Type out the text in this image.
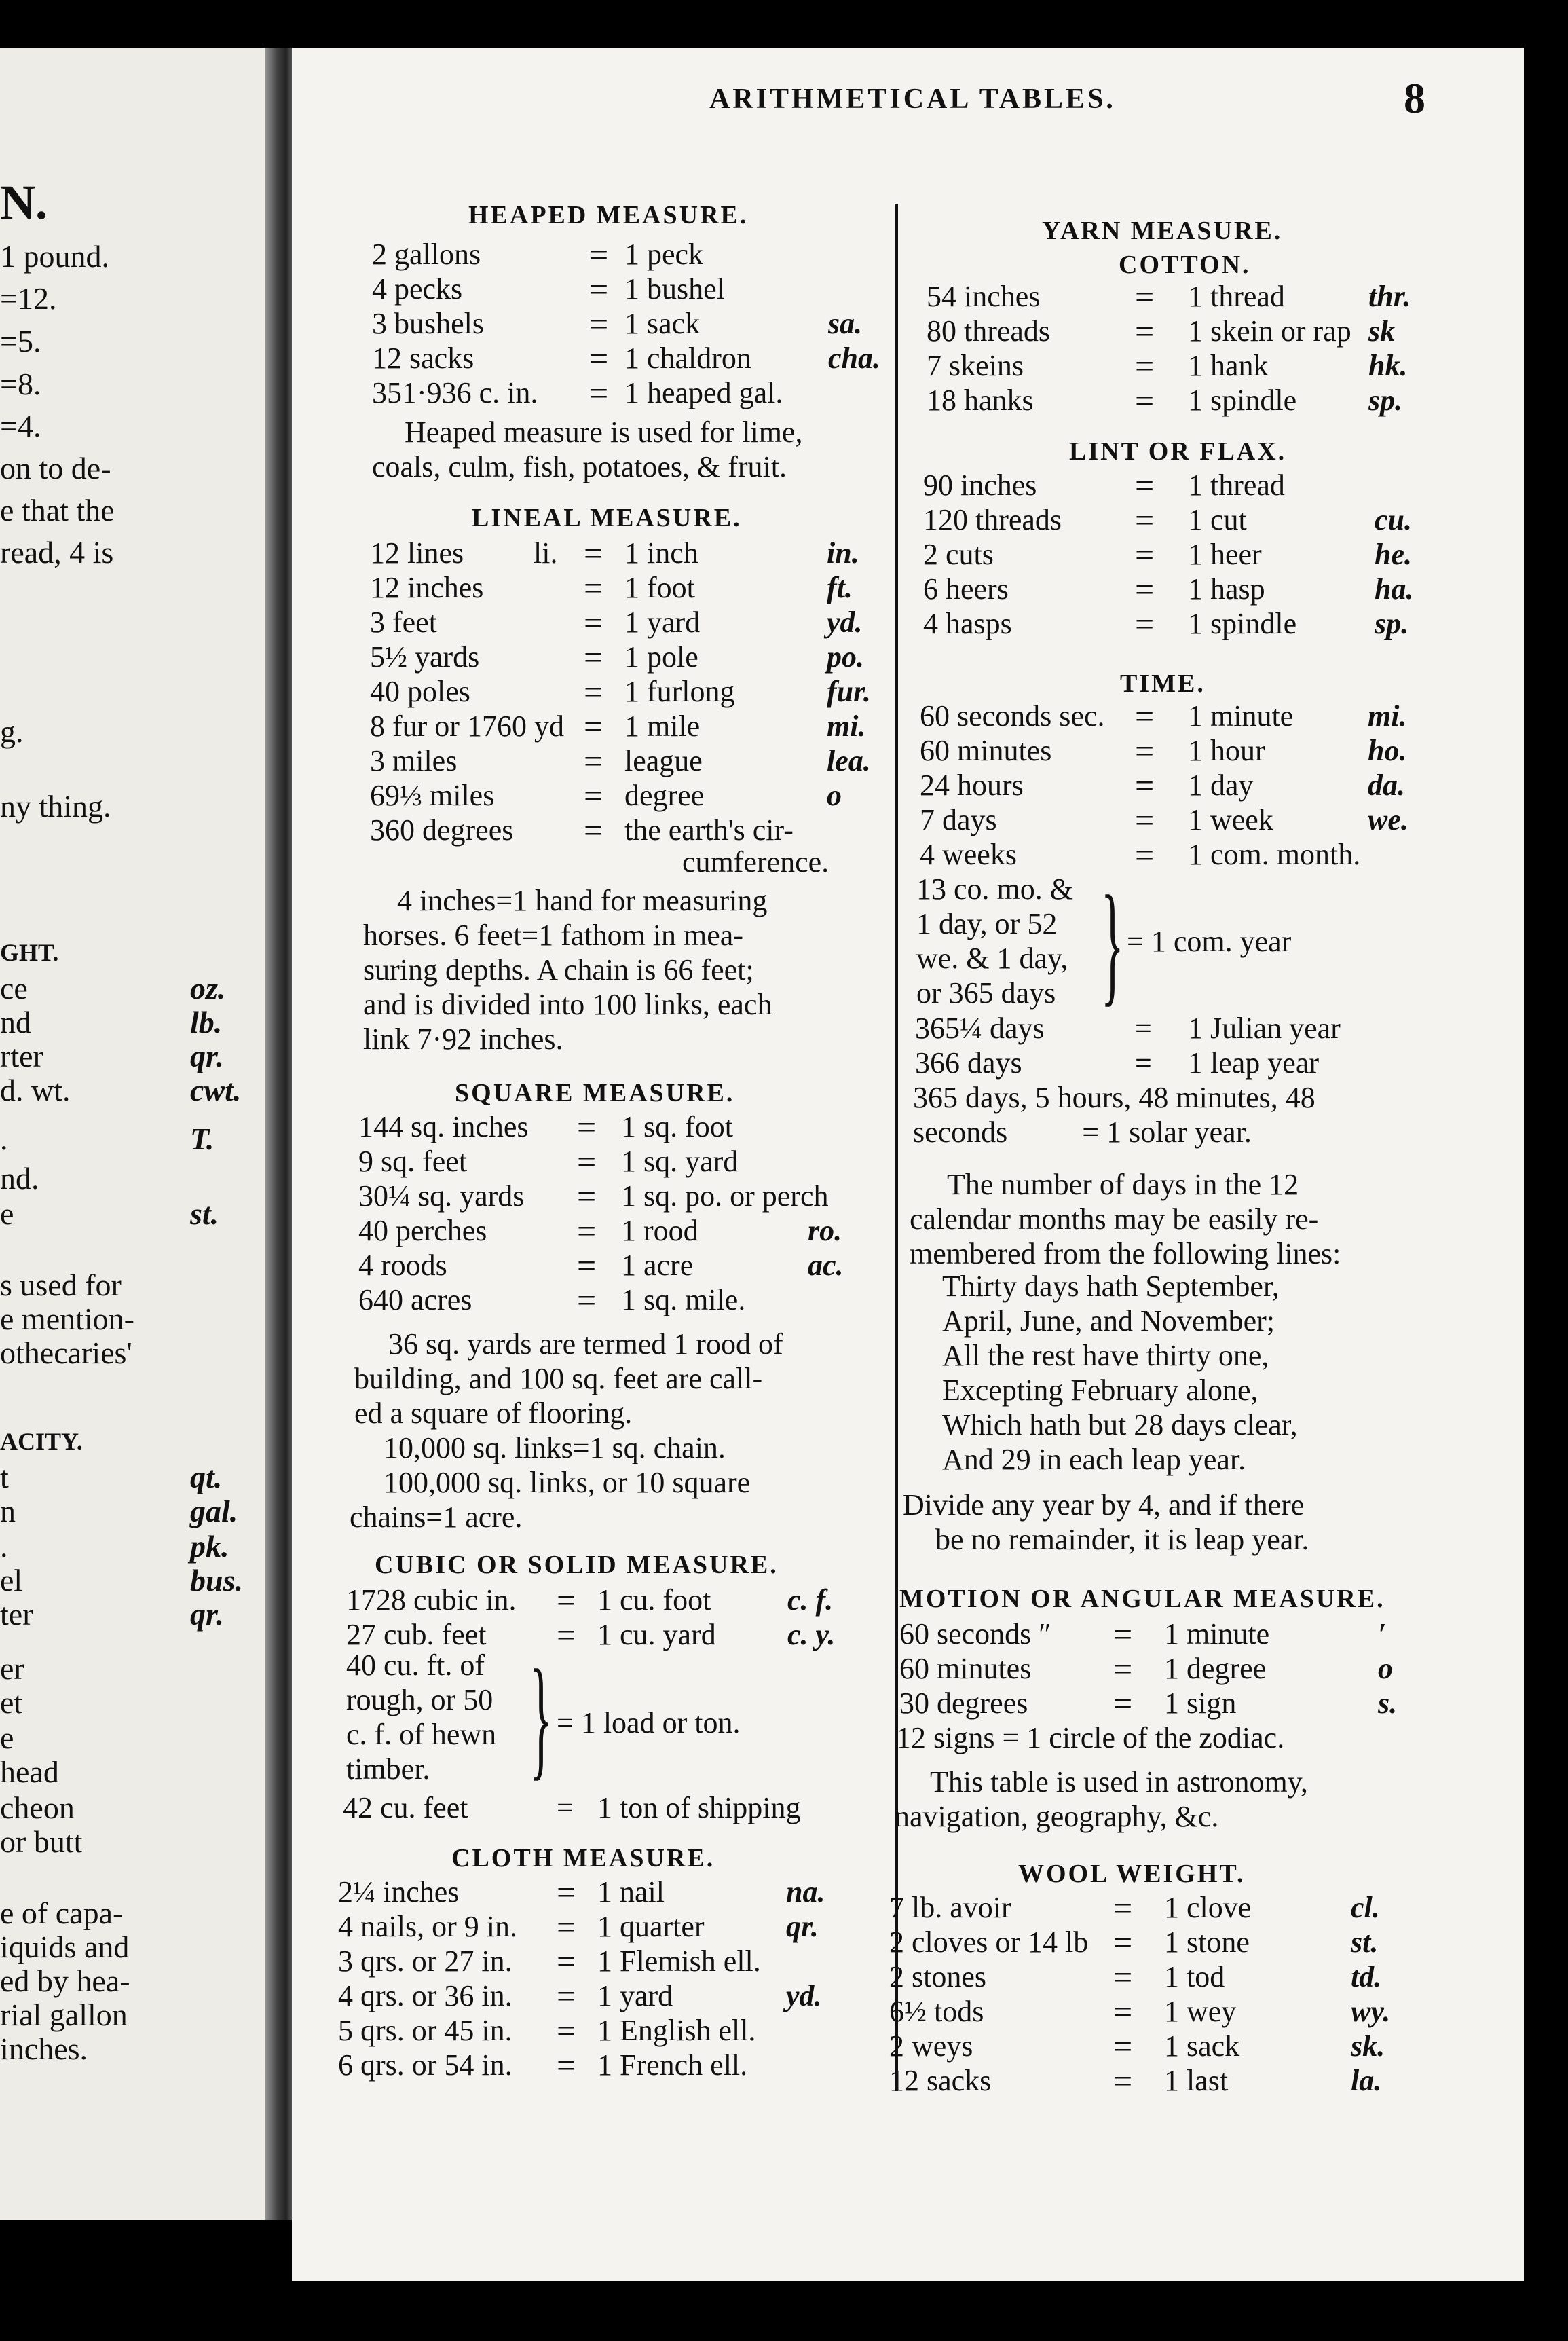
N.
1 pound.
=12.
=5.
=8.
=4.
on to de-
e that the
read, 4 is
g.
ny thing.
GHT.
ce	oz.
nd	lb.
rter	qr.
d. wt.	cwt.
.	T.
nd.
e	st.
s used for
e mention-
othecaries'
ACITY.
t	qt.
n	gal.
.	pk.
el	bus.
ter	qr.
er
et
e
head
cheon
or butt
e of capa-
iquids and
ed by hea-
rial gallon
inches.
ARITHMETICAL TABLES.	8
HEAPED MEASURE.
2 gallons	= 1 peck
4 pecks	= 1 bushel
3 bushels	= 1 sack	sa.
12 sacks	= 1 chaldron	cha.
351·936 c. in. = 1 heaped gal.
Heaped measure is used for lime,
coals, culm, fish, potatoes, & fruit.
LINEAL MEASURE.
12 lines li. = 1 inch	in.
12 inches	= 1 foot	ft.
3 feet	= 1 yard	yd.
5½ yards	= 1 pole	po.
40 poles	= 1 furlong	fur.
8 fur or 1760 yd = 1 mile	mi.
3 miles	= league	lea.
69⅓ miles	= degree	o
360 degrees = the earth's cir-
cumference.
4 inches=1 hand for measuring
horses. 6 feet=1 fathom in mea-
suring depths. A chain is 66 feet;
and is divided into 100 links, each
link 7·92 inches.
SQUARE MEASURE.
144 sq. inches = 1 sq. foot
9 sq. feet	= 1 sq. yard
30¼ sq. yards = 1 sq. po. or perch
40 perches	= 1 rood	ro.
4 roods	= 1 acre	ac.
640 acres	= 1 sq. mile.
36 sq. yards are termed 1 rood of
building, and 100 sq. feet are call-
ed a square of flooring.
10,000 sq. links=1 sq. chain.
100,000 sq. links, or 10 square
chains=1 acre.
CUBIC OR SOLID MEASURE.
1728 cubic in. = 1 cu. foot	c. f.
27 cub. feet = 1 cu. yard c. y.
40 cu. ft. of
rough, or 50
c. f. of hewn
timber. } = 1 load or ton.
42 cu. feet	= 1 ton of shipping
CLOTH MEASURE.
2¼ inches	= 1 nail	na.
4 nails, or 9 in. = 1 quarter	qr.
3 qrs. or 27 in. = 1 Flemish ell.
4 qrs. or 36 in. = 1 yard	yd.
5 qrs. or 45 in. = 1 English ell.
6 qrs. or 54 in. = 1 French ell.
YARN MEASURE.
COTTON.
54 inches	= 1 thread	thr.
80 threads = 1 skein or rap sk
7 skeins	= 1 hank	hk.
18 hanks	= 1 spindle sp.
LINT OR FLAX.
90 inches	= 1 thread
120 threads = 1 cut	cu.
2 cuts	= 1 heer	he.
6 heers	= 1 hasp	ha.
4 hasps	= 1 spindle	sp.
TIME.
60 seconds sec. = 1 minute mi.
60 minutes = 1 hour	ho.
24 hours	= 1 day	da.
7 days	= 1 week	we.
4 weeks	= 1 com. month.
13 co. mo. &
1 day, or 52
we. & 1 day,
or 365 days } = 1 com. year
365¼ days	= 1 Julian year
366 days	= 1 leap year
365 days, 5 hours, 48 minutes, 48
seconds          = 1 solar year.
The number of days in the 12
calendar months may be easily re-
membered from the following lines:
Thirty days hath September,
April, June, and November;
All the rest have thirty one,
Excepting February alone,
Which hath but 28 days clear,
And 29 in each leap year.
Divide any year by 4, and if there
be no remainder, it is leap year.
MOTION OR ANGULAR MEASURE.
60 seconds ″ = 1 minute	′
60 minutes = 1 degree	o
30 degrees	= 1 sign	s.
12 signs = 1 circle of the zodiac.
This table is used in astronomy,
navigation, geography, &c.
WOOL WEIGHT.
7 lb. avoir	= 1 clove	cl.
2 cloves or 14 lb = 1 stone	st.
2 stones	= 1 tod	td.
6½ tods	= 1 wey	wy.
2 weys	= 1 sack	sk.
12 sacks	= 1 last	la.
